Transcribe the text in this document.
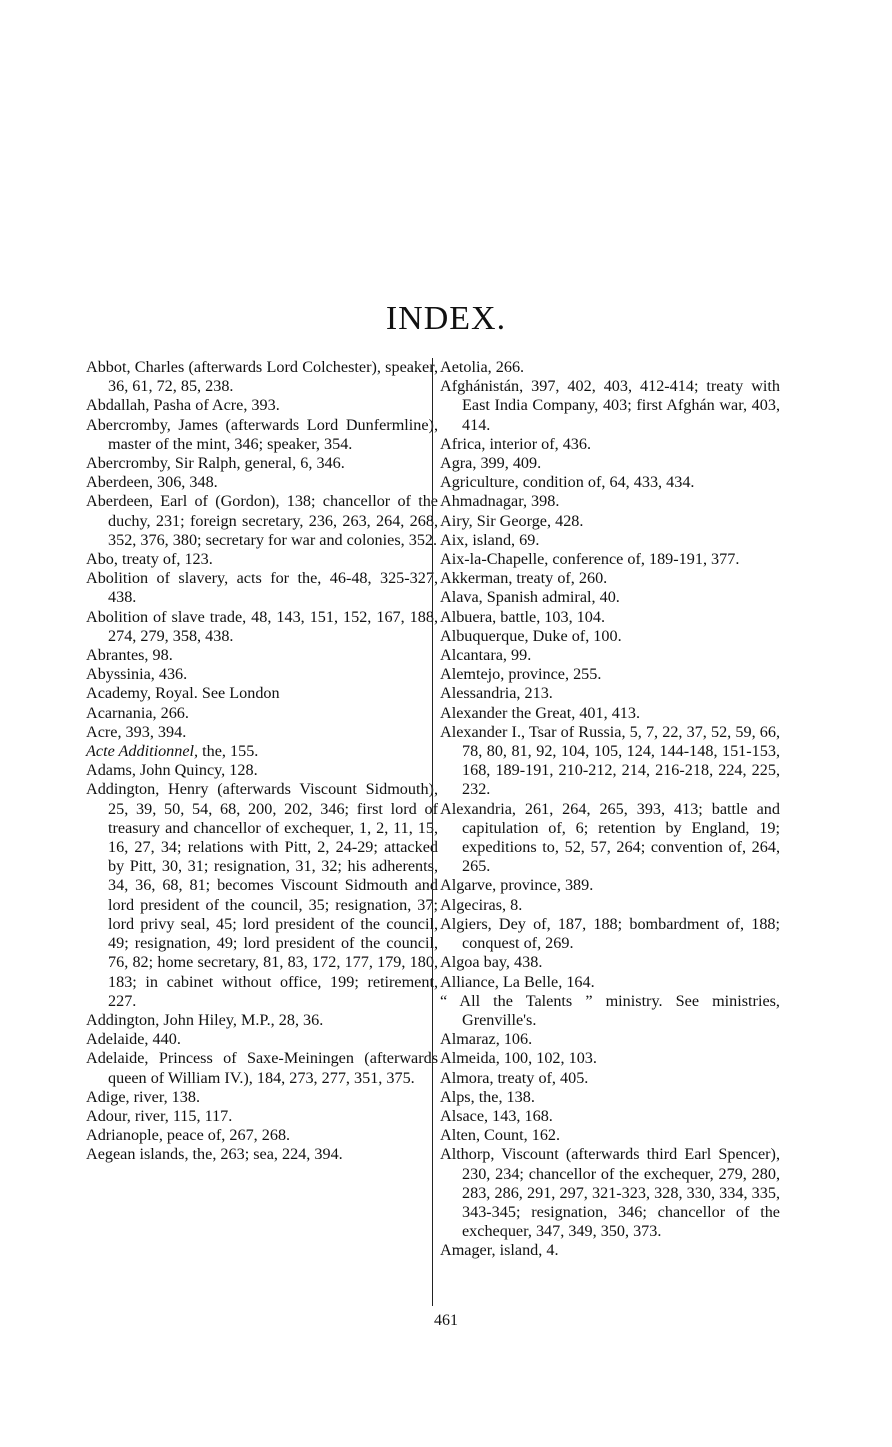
INDEX.

Abbot, Charles (afterwards Lord Colchester), speaker, 36, 61, 72, 85, 238.

Abdallah, Pasha of Acre, 393.

Abercromby, James (afterwards Lord Dunfermline), master of the mint, 346; speaker, 354.

Abercromby, Sir Ralph, general, 6, 346.

Aberdeen, 306, 348.

Aberdeen, Earl of (Gordon), 138; chancellor of the duchy, 231; foreign secretary, 236, 263, 264, 268, 352, 376, 380; secretary for war and colonies, 352.

Abo, treaty of, 123.

Abolition of slavery, acts for the, 46-48, 325-327, 438.

Abolition of slave trade, 48, 143, 151, 152, 167, 188, 274, 279, 358, 438.

Abrantes, 98.

Abyssinia, 436.

Academy, Royal. See London

Acarnania, 266.

Acre, 393, 394.

Acte Additionnel, the, 155.

Adams, John Quincy, 128.

Addington, Henry (afterwards Viscount Sidmouth), 25, 39, 50, 54, 68, 200, 202, 346; first lord of treasury and chancellor of exchequer, 1, 2, 11, 15, 16, 27, 34; relations with Pitt, 2, 24-29; attacked by Pitt, 30, 31; resignation, 31, 32; his adherents, 34, 36, 68, 81; becomes Viscount Sidmouth and lord president of the council, 35; resignation, 37; lord privy seal, 45; lord president of the council, 49; resignation, 49; lord president of the council, 76, 82; home secretary, 81, 83, 172, 177, 179, 180, 183; in cabinet without office, 199; retirement, 227.

Addington, John Hiley, M.P., 28, 36.

Adelaide, 440.

Adelaide, Princess of Saxe-Meiningen (afterwards queen of William IV.), 184, 273, 277, 351, 375.

Adige, river, 138.

Adour, river, 115, 117.

Adrianople, peace of, 267, 268.

Aegean islands, the, 263; sea, 224, 394.

Aetolia, 266.

Afghánistán, 397, 402, 403, 412-414; treaty with East India Company, 403; first Afghán war, 403, 414.

Africa, interior of, 436.

Agra, 399, 409.

Agriculture, condition of, 64, 433, 434.

Ahmadnagar, 398.

Airy, Sir George, 428.

Aix, island, 69.

Aix-la-Chapelle, conference of, 189-191, 377.

Akkerman, treaty of, 260.

Alava, Spanish admiral, 40.

Albuera, battle, 103, 104.

Albuquerque, Duke of, 100.

Alcantara, 99.

Alemtejo, province, 255.

Alessandria, 213.

Alexander the Great, 401, 413.

Alexander I., Tsar of Russia, 5, 7, 22, 37, 52, 59, 66, 78, 80, 81, 92, 104, 105, 124, 144-148, 151-153, 168, 189-191, 210-212, 214, 216-218, 224, 225, 232.

Alexandria, 261, 264, 265, 393, 413; battle and capitulation of, 6; retention by England, 19; expeditions to, 52, 57, 264; convention of, 264, 265.

Algarve, province, 389.

Algeciras, 8.

Algiers, Dey of, 187, 188; bombardment of, 188; conquest of, 269.

Algoa bay, 438.

Alliance, La Belle, 164.

“ All the Talents ” ministry. See ministries, Grenville's.

Almaraz, 106.

Almeida, 100, 102, 103.

Almora, treaty of, 405.

Alps, the, 138.

Alsace, 143, 168.

Alten, Count, 162.

Althorp, Viscount (afterwards third Earl Spencer), 230, 234; chancellor of the exchequer, 279, 280, 283, 286, 291, 297, 321-323, 328, 330, 334, 335, 343-345; resignation, 346; chancellor of the exchequer, 347, 349, 350, 373.

Amager, island, 4.

461
